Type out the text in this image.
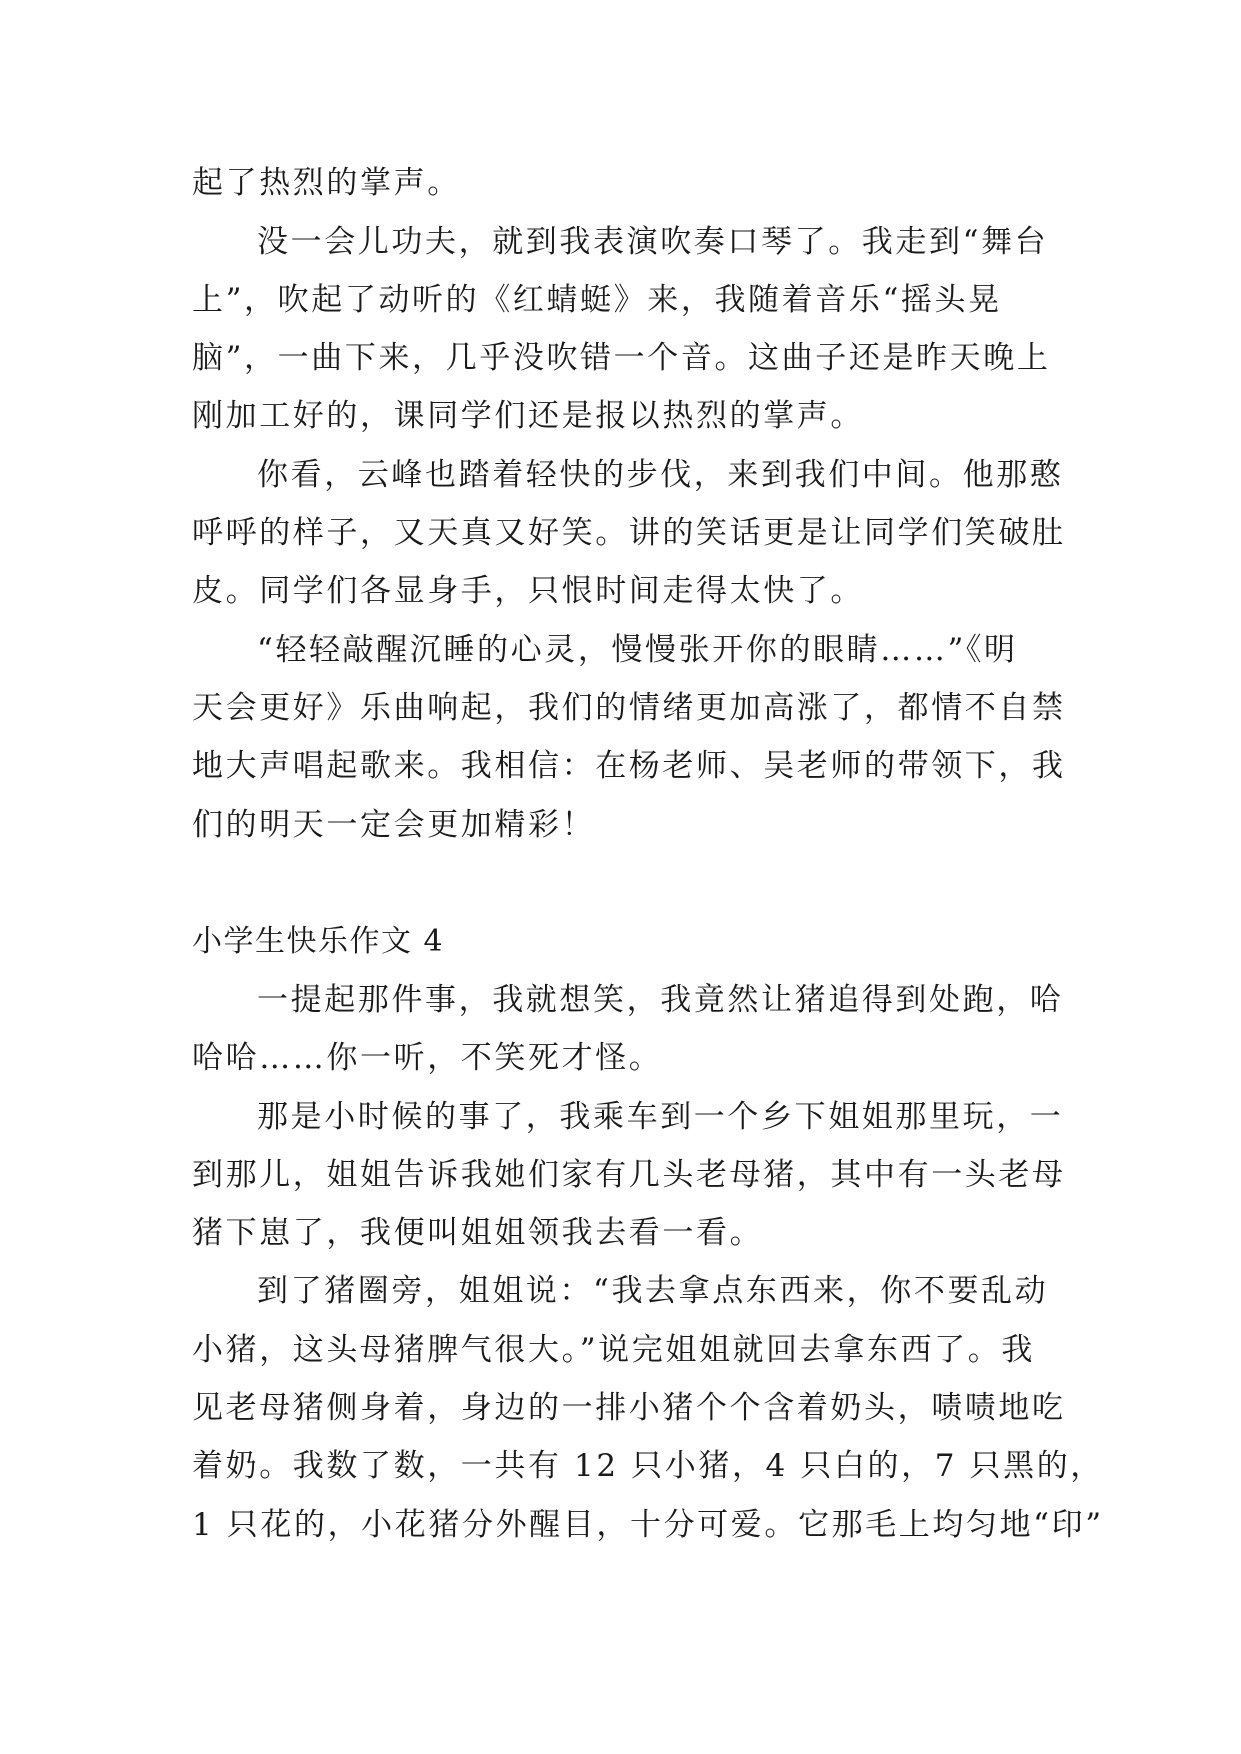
起了热烈的掌声。
没一会儿功夫，就到我表演吹奏口琴了。我走到“舞台
上”，吹起了动听的《红蜻蜓》来，我随着音乐“摇头晃
脑”，一曲下来，几乎没吹错一个音。这曲子还是昨天晚上
刚加工好的，课同学们还是报以热烈的掌声。
你看，云峰也踏着轻快的步伐，来到我们中间。他那憨
呼呼的样子，又天真又好笑。讲的笑话更是让同学们笑破肚
皮。同学们各显身手，只恨时间走得太快了。
“轻轻敲醒沉睡的心灵，慢慢张开你的眼睛……”《明
天会更好》乐曲响起，我们的情绪更加高涨了，都情不自禁
地大声唱起歌来。我相信：在杨老师、吴老师的带领下，我
们的明天一定会更加精彩！
小学生快乐作文 4
一提起那件事，我就想笑，我竟然让猪追得到处跑，哈
哈哈……你一听，不笑死才怪。
那是小时候的事了，我乘车到一个乡下姐姐那里玩，一
到那儿，姐姐告诉我她们家有几头老母猪，其中有一头老母
猪下崽了，我便叫姐姐领我去看一看。
到了猪圈旁，姐姐说：“我去拿点东西来，你不要乱动
小猪，这头母猪脾气很大。”说完姐姐就回去拿东西了。我
见老母猪侧身着，身边的一排小猪个个含着奶头，啧啧地吃
着奶。我数了数，一共有 12 只小猪，4 只白的，7 只黑的，
1 只花的，小花猪分外醒目，十分可爱。它那毛上均匀地“印”
